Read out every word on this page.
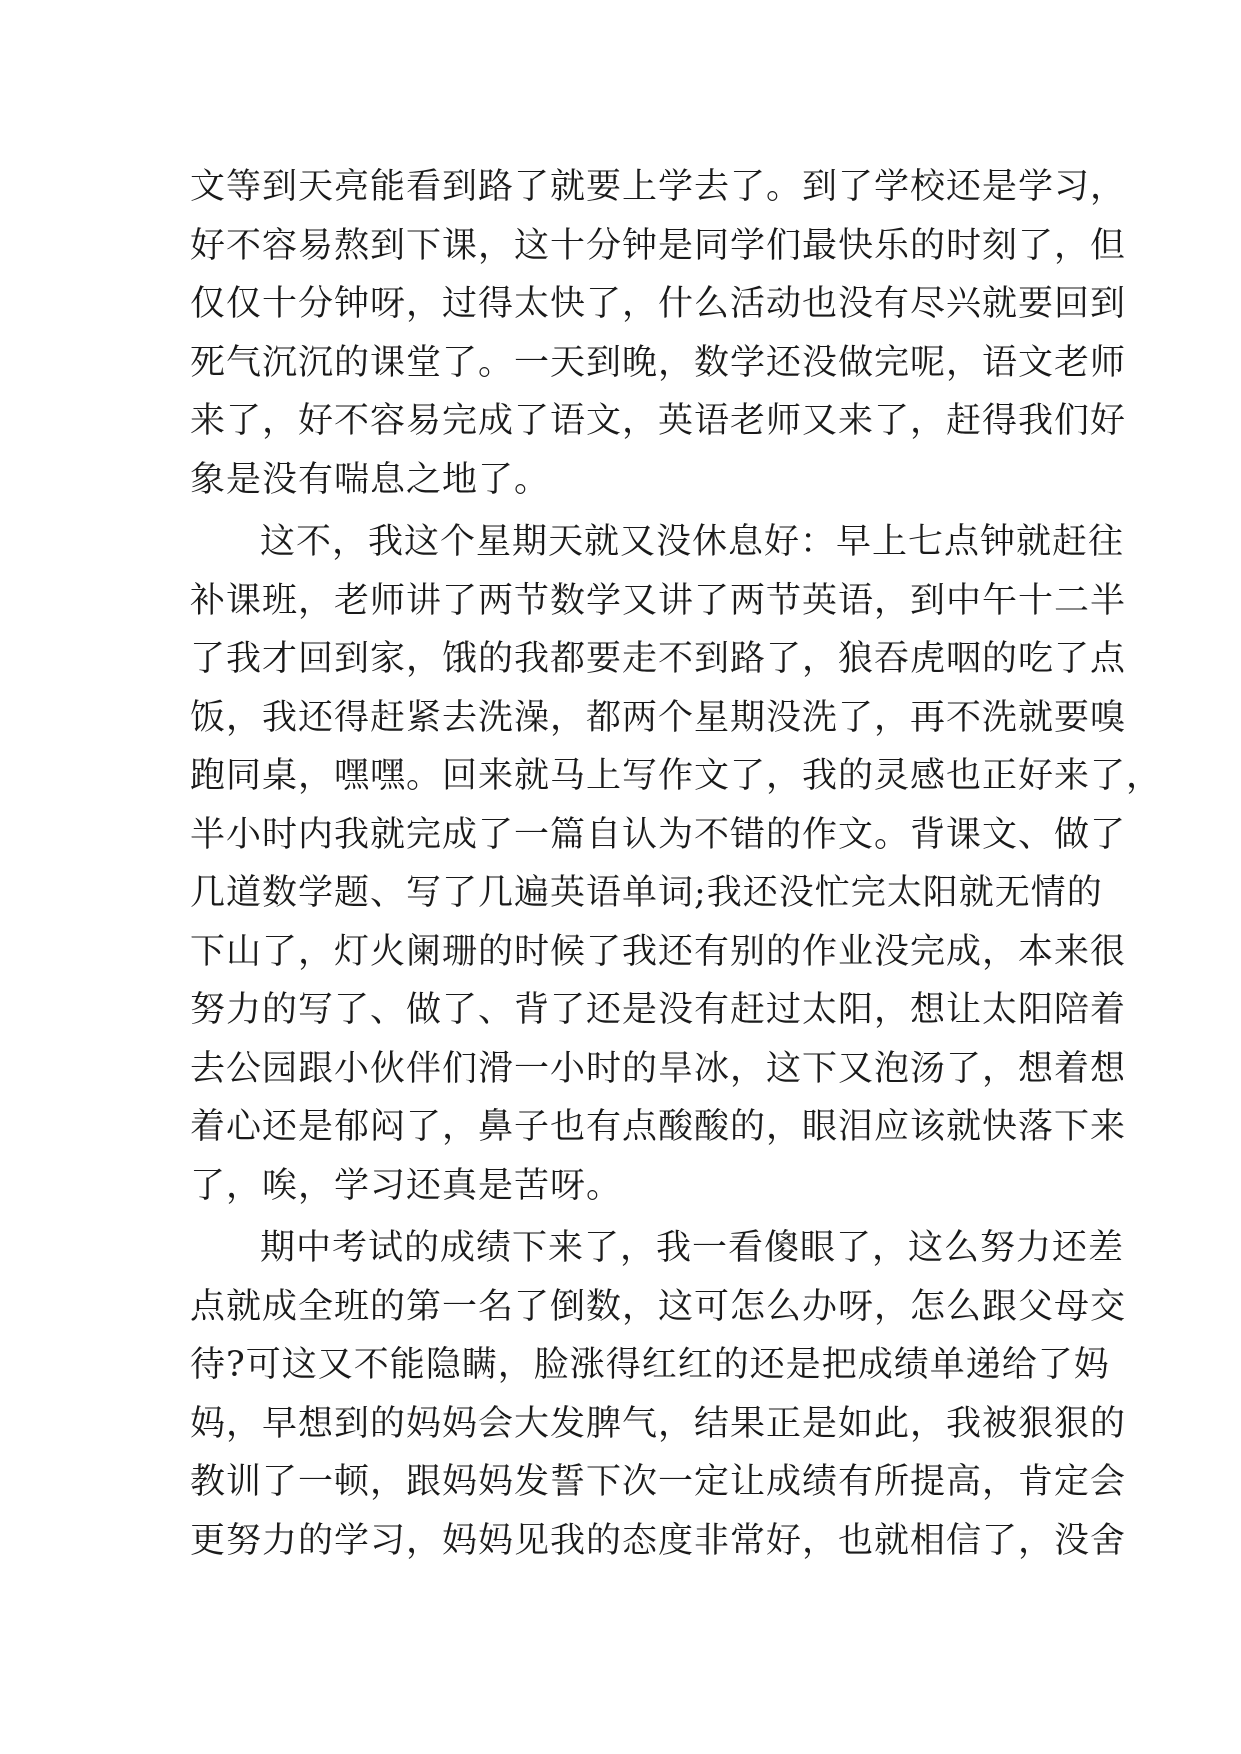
文等到天亮能看到路了就要上学去了。到了学校还是学习，
好不容易熬到下课，这十分钟是同学们最快乐的时刻了，但
仅仅十分钟呀，过得太快了，什么活动也没有尽兴就要回到
死气沉沉的课堂了。一天到晚，数学还没做完呢，语文老师
来了，好不容易完成了语文，英语老师又来了，赶得我们好
象是没有喘息之地了。
这不，我这个星期天就又没休息好：早上七点钟就赶往
补课班，老师讲了两节数学又讲了两节英语，到中午十二半
了我才回到家，饿的我都要走不到路了，狼吞虎咽的吃了点
饭，我还得赶紧去洗澡，都两个星期没洗了，再不洗就要嗅
跑同桌，嘿嘿。回来就马上写作文了，我的灵感也正好来了，
半小时内我就完成了一篇自认为不错的作文。背课文、做了
几道数学题、写了几遍英语单词;我还没忙完太阳就无情的
下山了，灯火阑珊的时候了我还有别的作业没完成，本来很
努力的写了、做了、背了还是没有赶过太阳，想让太阳陪着
去公园跟小伙伴们滑一小时的旱冰，这下又泡汤了，想着想
着心还是郁闷了，鼻子也有点酸酸的，眼泪应该就快落下来
了，唉，学习还真是苦呀。
期中考试的成绩下来了，我一看傻眼了，这么努力还差
点就成全班的第一名了倒数，这可怎么办呀，怎么跟父母交
待?可这又不能隐瞒，脸涨得红红的还是把成绩单递给了妈
妈，早想到的妈妈会大发脾气，结果正是如此，我被狠狠的
教训了一顿，跟妈妈发誓下次一定让成绩有所提高，肯定会
更努力的学习，妈妈见我的态度非常好，也就相信了，没舍
